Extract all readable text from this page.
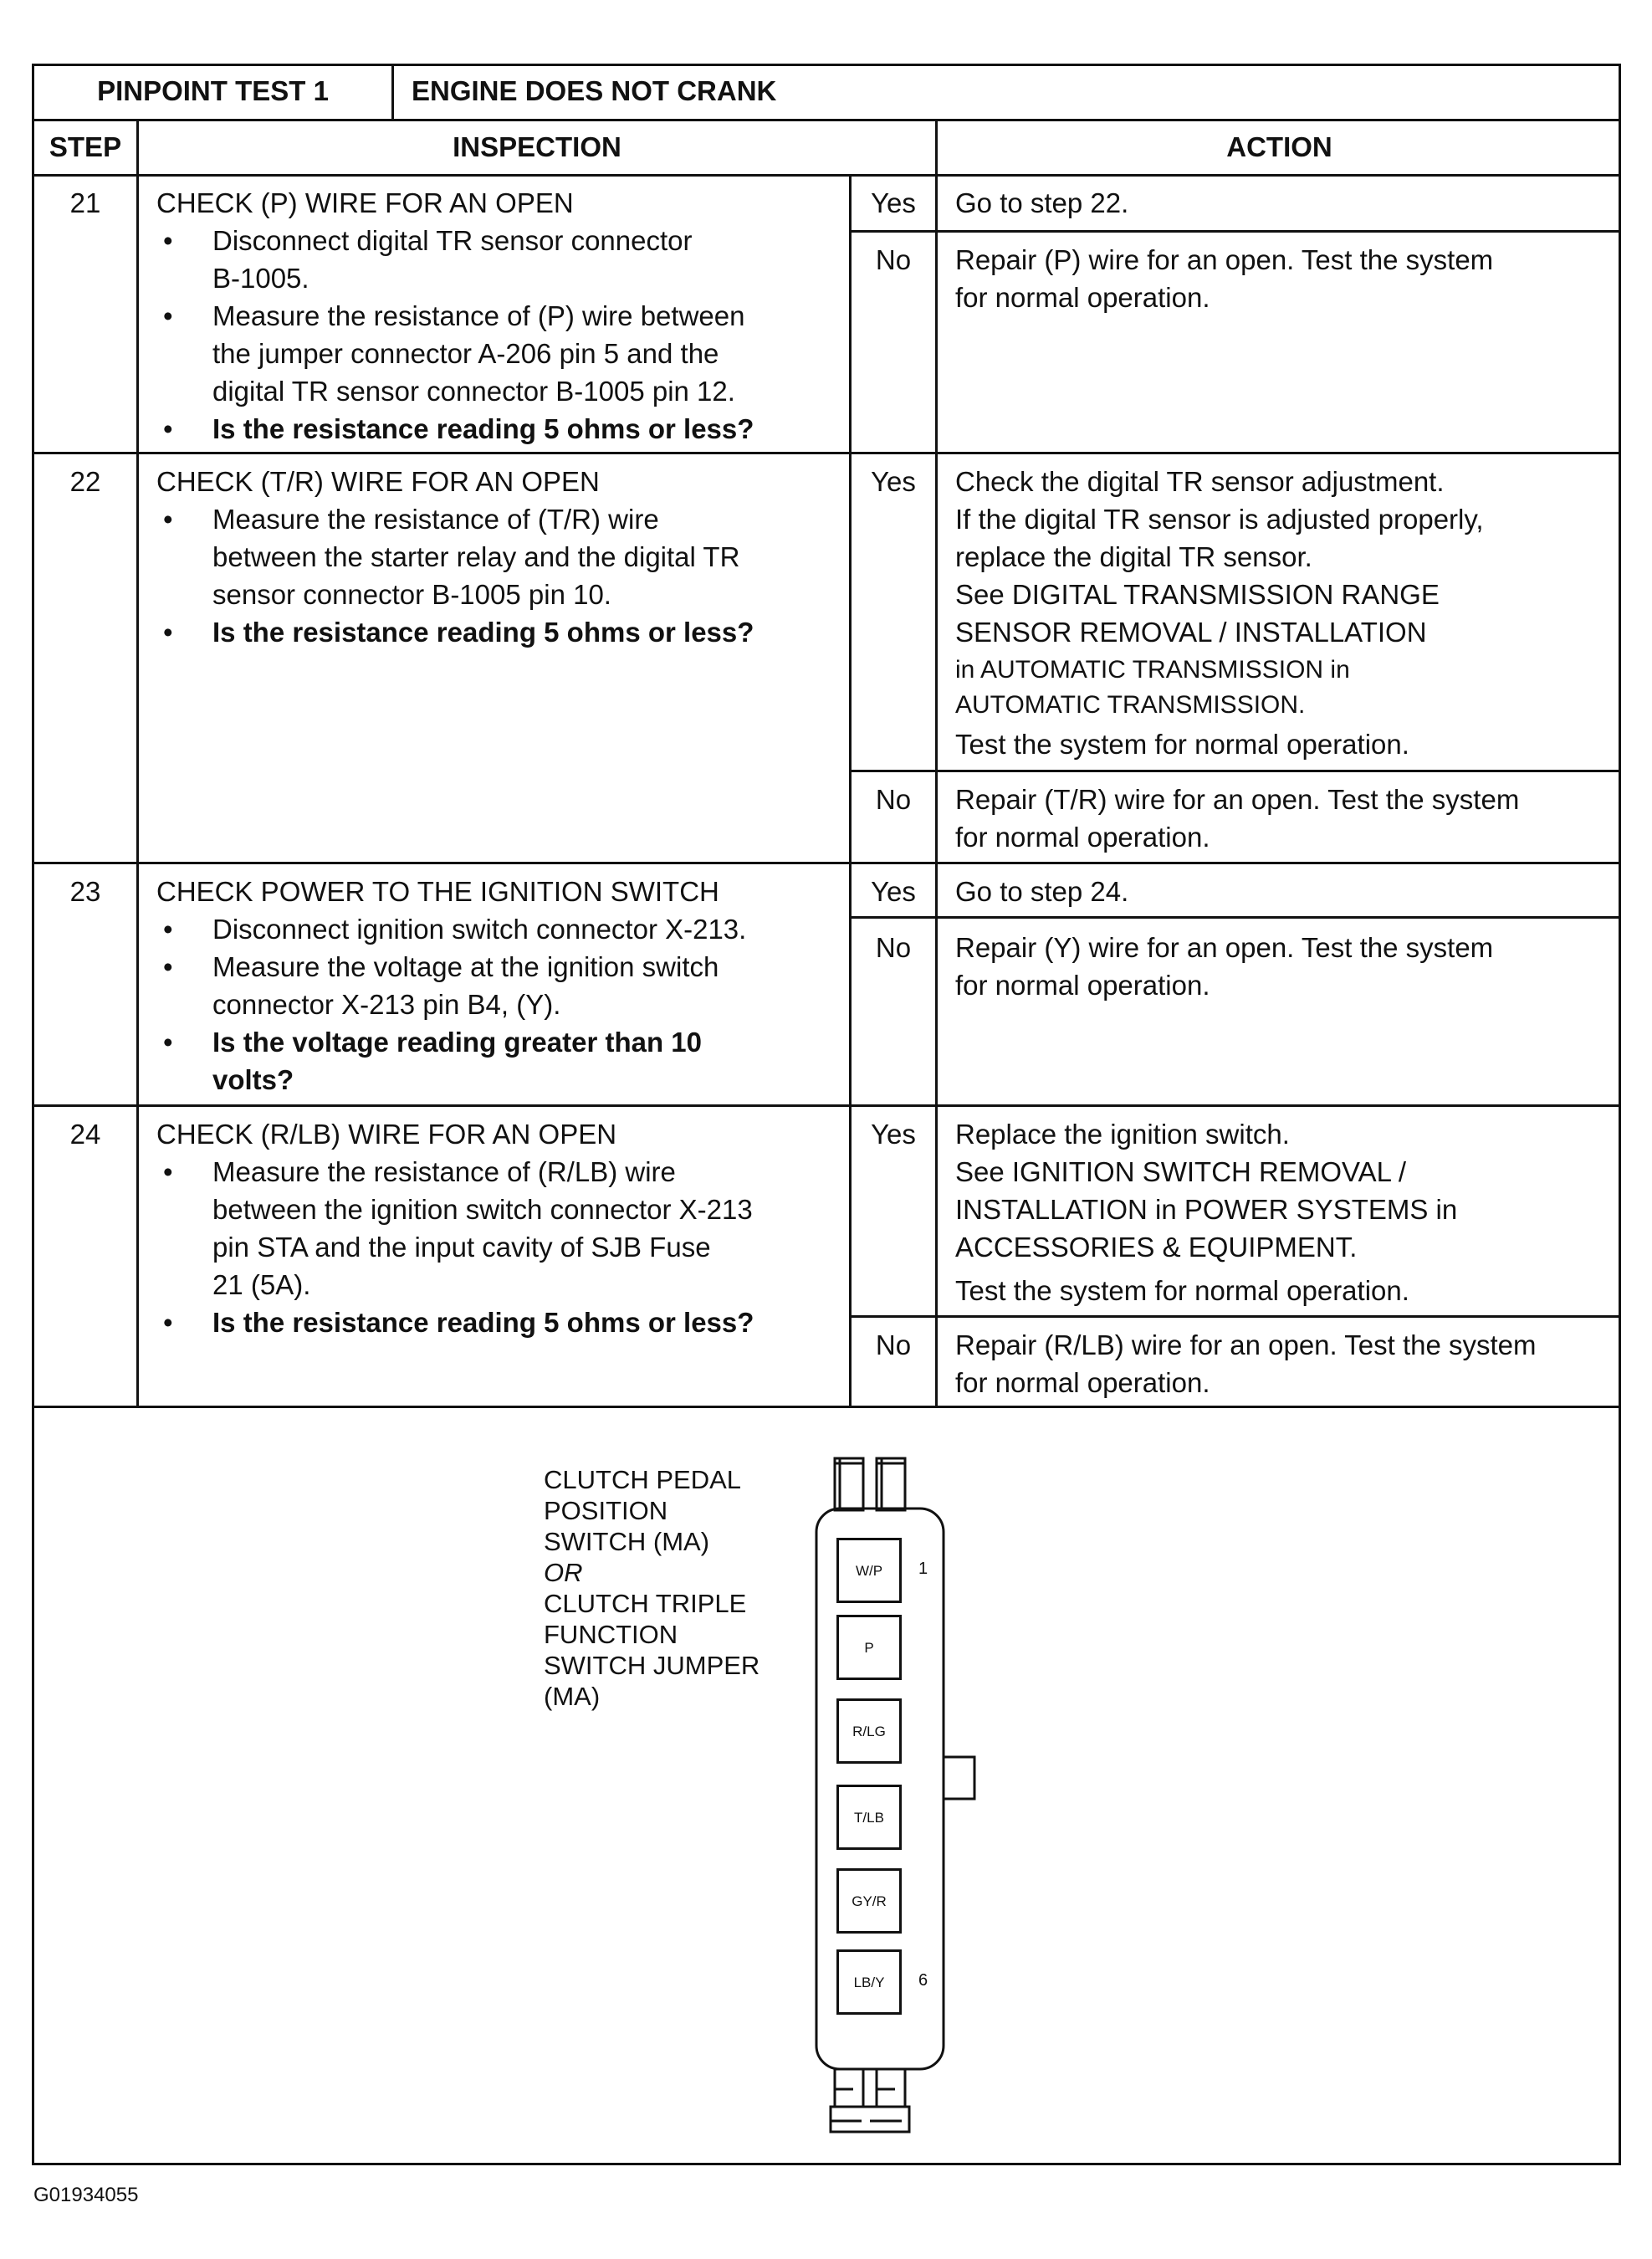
PINPOINT TEST 1	ENGINE DOES NOT CRANK
STEP	INSPECTION	ACTION
21	CHECK (P) WIRE FOR AN OPEN
• Disconnect digital TR sensor connector
B-1005.
• Measure the resistance of (P) wire between
the jumper connector A-206 pin 5 and the
digital TR sensor connector B-1005 pin 12.
• Is the resistance reading 5 ohms or less?
Yes	Go to step 22.
No	Repair (P) wire for an open. Test the system
for normal operation.
22	CHECK (T/R) WIRE FOR AN OPEN
• Measure the resistance of (T/R) wire
between the starter relay and the digital TR
sensor connector B-1005 pin 10.
• Is the resistance reading 5 ohms or less?
Yes	Check the digital TR sensor adjustment.
If the digital TR sensor is adjusted properly,
replace the digital TR sensor.
See DIGITAL TRANSMISSION RANGE
SENSOR REMOVAL / INSTALLATION
in AUTOMATIC TRANSMISSION in
AUTOMATIC TRANSMISSION.
Test the system for normal operation.
No	Repair (T/R) wire for an open. Test the system
for normal operation.
23	CHECK POWER TO THE IGNITION SWITCH
• Disconnect ignition switch connector X-213.
• Measure the voltage at the ignition switch
connector X-213 pin B4, (Y).
• Is the voltage reading greater than 10
volts?
Yes	Go to step 24.
No	Repair (Y) wire for an open. Test the system
for normal operation.
24	CHECK (R/LB) WIRE FOR AN OPEN
• Measure the resistance of (R/LB) wire
between the ignition switch connector X-213
pin STA and the input cavity of SJB Fuse
21 (5A).
• Is the resistance reading 5 ohms or less?
Yes	Replace the ignition switch.
See IGNITION SWITCH REMOVAL /
INSTALLATION in POWER SYSTEMS in
ACCESSORIES & EQUIPMENT.
Test the system for normal operation.
No	Repair (R/LB) wire for an open. Test the system
for normal operation.
CLUTCH PEDAL
POSITION
SWITCH (MA)
OR
CLUTCH TRIPLE
FUNCTION
SWITCH JUMPER
(MA)
W/P
P
R/LG
T/LB
GY/R
LB/Y
1
6
G01934055
